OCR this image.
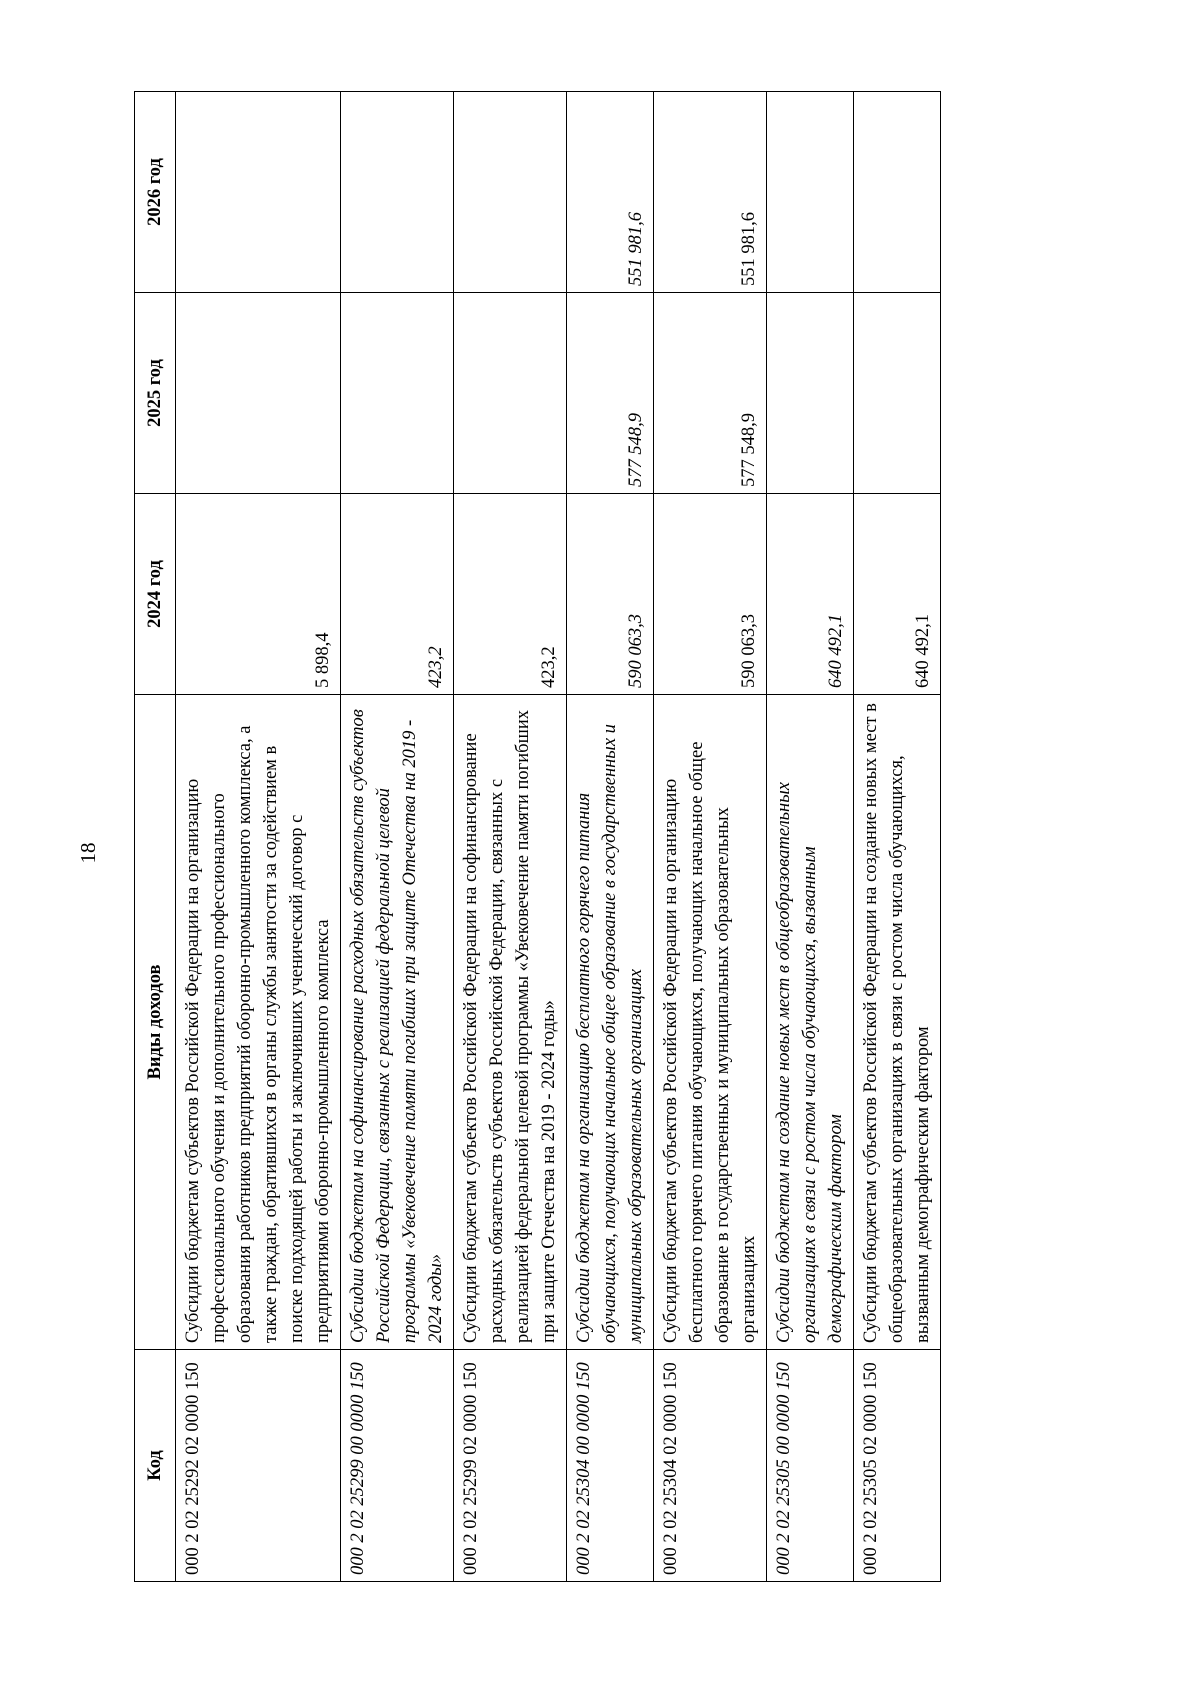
18
Код	Виды доходов	2024 год	2025 год	2026 год
000 2 02 25292 02 0000 150	Субсидии бюджетам субъектов Российской Федерации на организацию профессионального обучения и дополнительного профессионального образования работников предприятий оборонно-промышленного комплекса, а также граждан, обратившихся в органы службы занятости за содействием в поиске подходящей работы и заключивших ученический договор с предприятиями оборонно-промышленного комплекса	5 898,4		
000 2 02 25299 00 0000 150	Субсидии бюджетам на софинансирование расходных обязательств субъектов Российской Федерации, связанных с реализацией федеральной целевой программы «Увековечение памяти погибших при защите Отечества на 2019 - 2024 годы»	423,2		
000 2 02 25299 02 0000 150	Субсидии бюджетам субъектов Российской Федерации на софинансирование расходных обязательств субъектов Российской Федерации, связанных с реализацией федеральной целевой программы «Увековечение памяти погибших при защите Отечества на 2019 - 2024 годы»	423,2		
000 2 02 25304 00 0000 150	Субсидии бюджетам на организацию бесплатного горячего питания обучающихся, получающих начальное общее образование в государственных и муниципальных образовательных организациях	590 063,3	577 548,9	551 981,6
000 2 02 25304 02 0000 150	Субсидии бюджетам субъектов Российской Федерации на организацию бесплатного горячего питания обучающихся, получающих начальное общее образование в государственных и муниципальных образовательных организациях	590 063,3	577 548,9	551 981,6
000 2 02 25305 00 0000 150	Субсидии бюджетам на создание новых мест в общеобразовательных организациях в связи с ростом числа обучающихся, вызванным демографическим фактором	640 492,1		
000 2 02 25305 02 0000 150	Субсидии бюджетам субъектов Российской Федерации на создание новых мест в общеобразовательных организациях в связи с ростом числа обучающихся, вызванным демографическим фактором	640 492,1		
